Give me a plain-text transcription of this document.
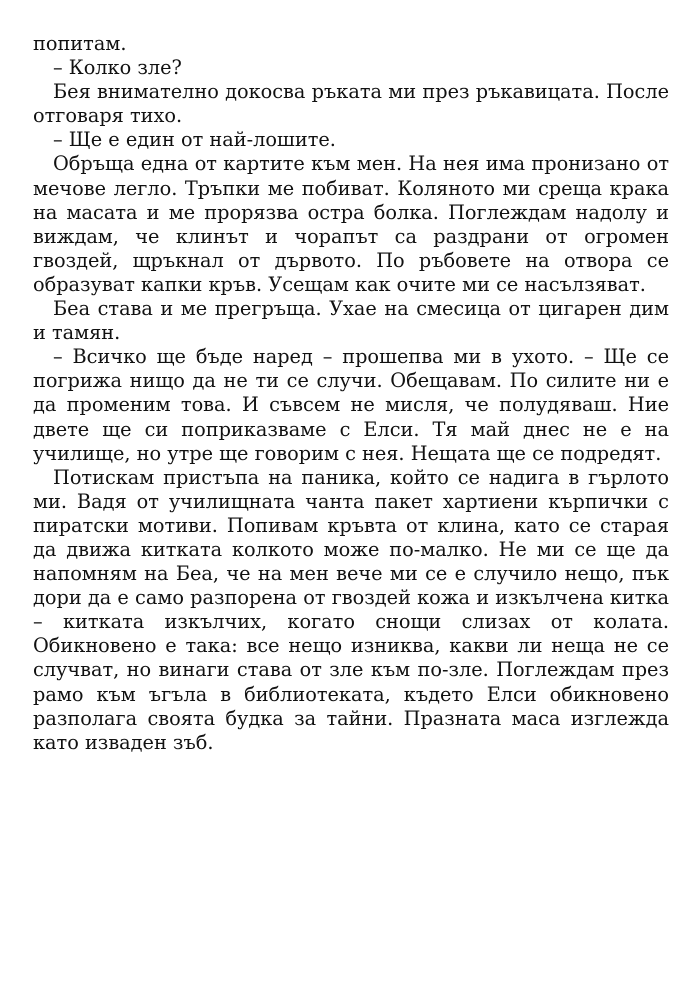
попитам.

– Колко зле?

Бея внимателно докосва ръката ми през ръкавицата. После отговаря тихо.

– Ще е един от най-лошите.

Обръща една от картите към мен. На нея има пронизано от мечове легло. Тръпки ме побиват. Коляното ми среща крака на масата и ме прорязва остра болка. Поглеждам надолу и виждам, че клинът и чорапът са раздрани от огромен гвоздей, щръкнал от дървото. По ръбовете на отвора се образуват капки кръв. Усещам как очите ми се насълзяват.

Беа става и ме прегръща. Ухае на смесица от цигарен дим и тамян.

– Всичко ще бъде наред – прошепва ми в ухото. – Ще се погрижа нищо да не ти се случи. Обещавам. По силите ни е да променим това. И съвсем не мисля, че полудяваш. Ние двете ще си поприказваме с Елси. Тя май днес не е на училище, но утре ще говорим с нея. Нещата ще се подредят.

Потискам пристъпа на паника, който се надига в гърлото ми. Вадя от училищната чанта пакет хартиени кърпички с пиратски мотиви. Попивам кръвта от клина, като се старая да движа китката колкото може по-малко. Не ми се ще да напомням на Беа, че на мен вече ми се е случило нещо, пък дори да е само разпорена от гвоздей кожа и изкълчена китка – китката изкълчих, когато снощи слизах от колата. Обикновено е така: все нещо изниква, какви ли неща не се случват, но винаги става от зле към по-зле. Поглеждам през рамо към ъгъла в библиотеката, където Елси обикновено разполага своята будка за тайни. Празната маса изглежда като изваден зъб.
